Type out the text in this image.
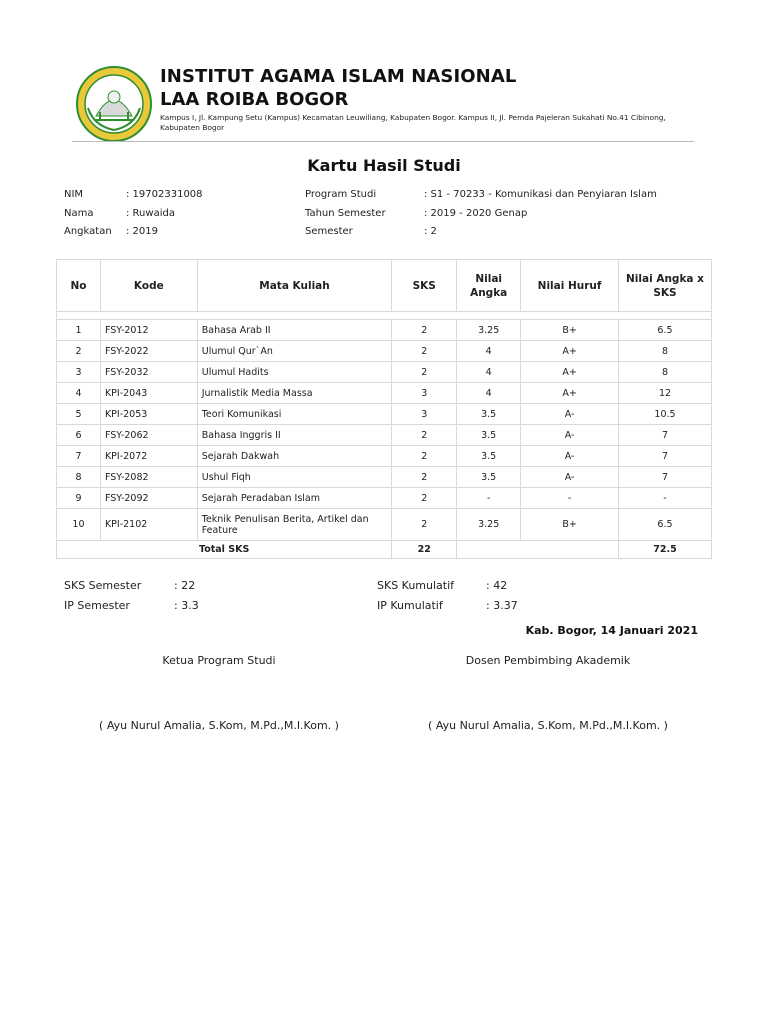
INSTITUT AGAMA ISLAM NASIONAL
LAA ROIBA BOGOR
Kampus I, Jl. Kampung Setu (Kampus) Kecamatan Leuwiliang, Kabupaten Bogor. Kampus II, Jl. Pemda Pajeleran Sukahati No.41 Cibinong, Kabupaten Bogor
Kartu Hasil Studi
NIM	: 19702331008
Nama	: Ruwaida
Angkatan : 2019
Program Studi	: S1 - 70233 - Komunikasi dan Penyiaran Islam
Tahun Semester	: 2019 - 2020 Genap
Semester	: 2
No	Kode	Mata Kuliah	SKS	Nilai Angka	Nilai Huruf	Nilai Angka x SKS

1	FSY-2012	Bahasa Arab II	2	3.25	B+	6.5
2	FSY-2022	Ulumul Qur`An	2	4	A+	8
3	FSY-2032	Ulumul Hadits	2	4	A+	8
4	KPI-2043	Jurnalistik Media Massa	3	4	A+	12
5	KPI-2053	Teori Komunikasi	3	3.5	A-	10.5
6	FSY-2062	Bahasa Inggris II	2	3.5	A-	7
7	KPI-2072	Sejarah Dakwah	2	3.5	A-	7
8	FSY-2082	Ushul Fiqh	2	3.5	A-	7
9	FSY-2092	Sejarah Peradaban Islam	2	-	-	-
10	KPI-2102	Teknik Penulisan Berita, Artikel dan Feature	2	3.25	B+	6.5
Total SKS			22			72.5
SKS Semester	: 22
IP Semester	: 3.3
SKS Kumulatif	: 42
IP Kumulatif	: 3.37
Kab. Bogor, 14 Januari 2021
Ketua Program Studi	Dosen Pembimbing Akademik
( Ayu Nurul Amalia, S.Kom, M.Pd.,M.I.Kom. )	( Ayu Nurul Amalia, S.Kom, M.Pd.,M.I.Kom. )
